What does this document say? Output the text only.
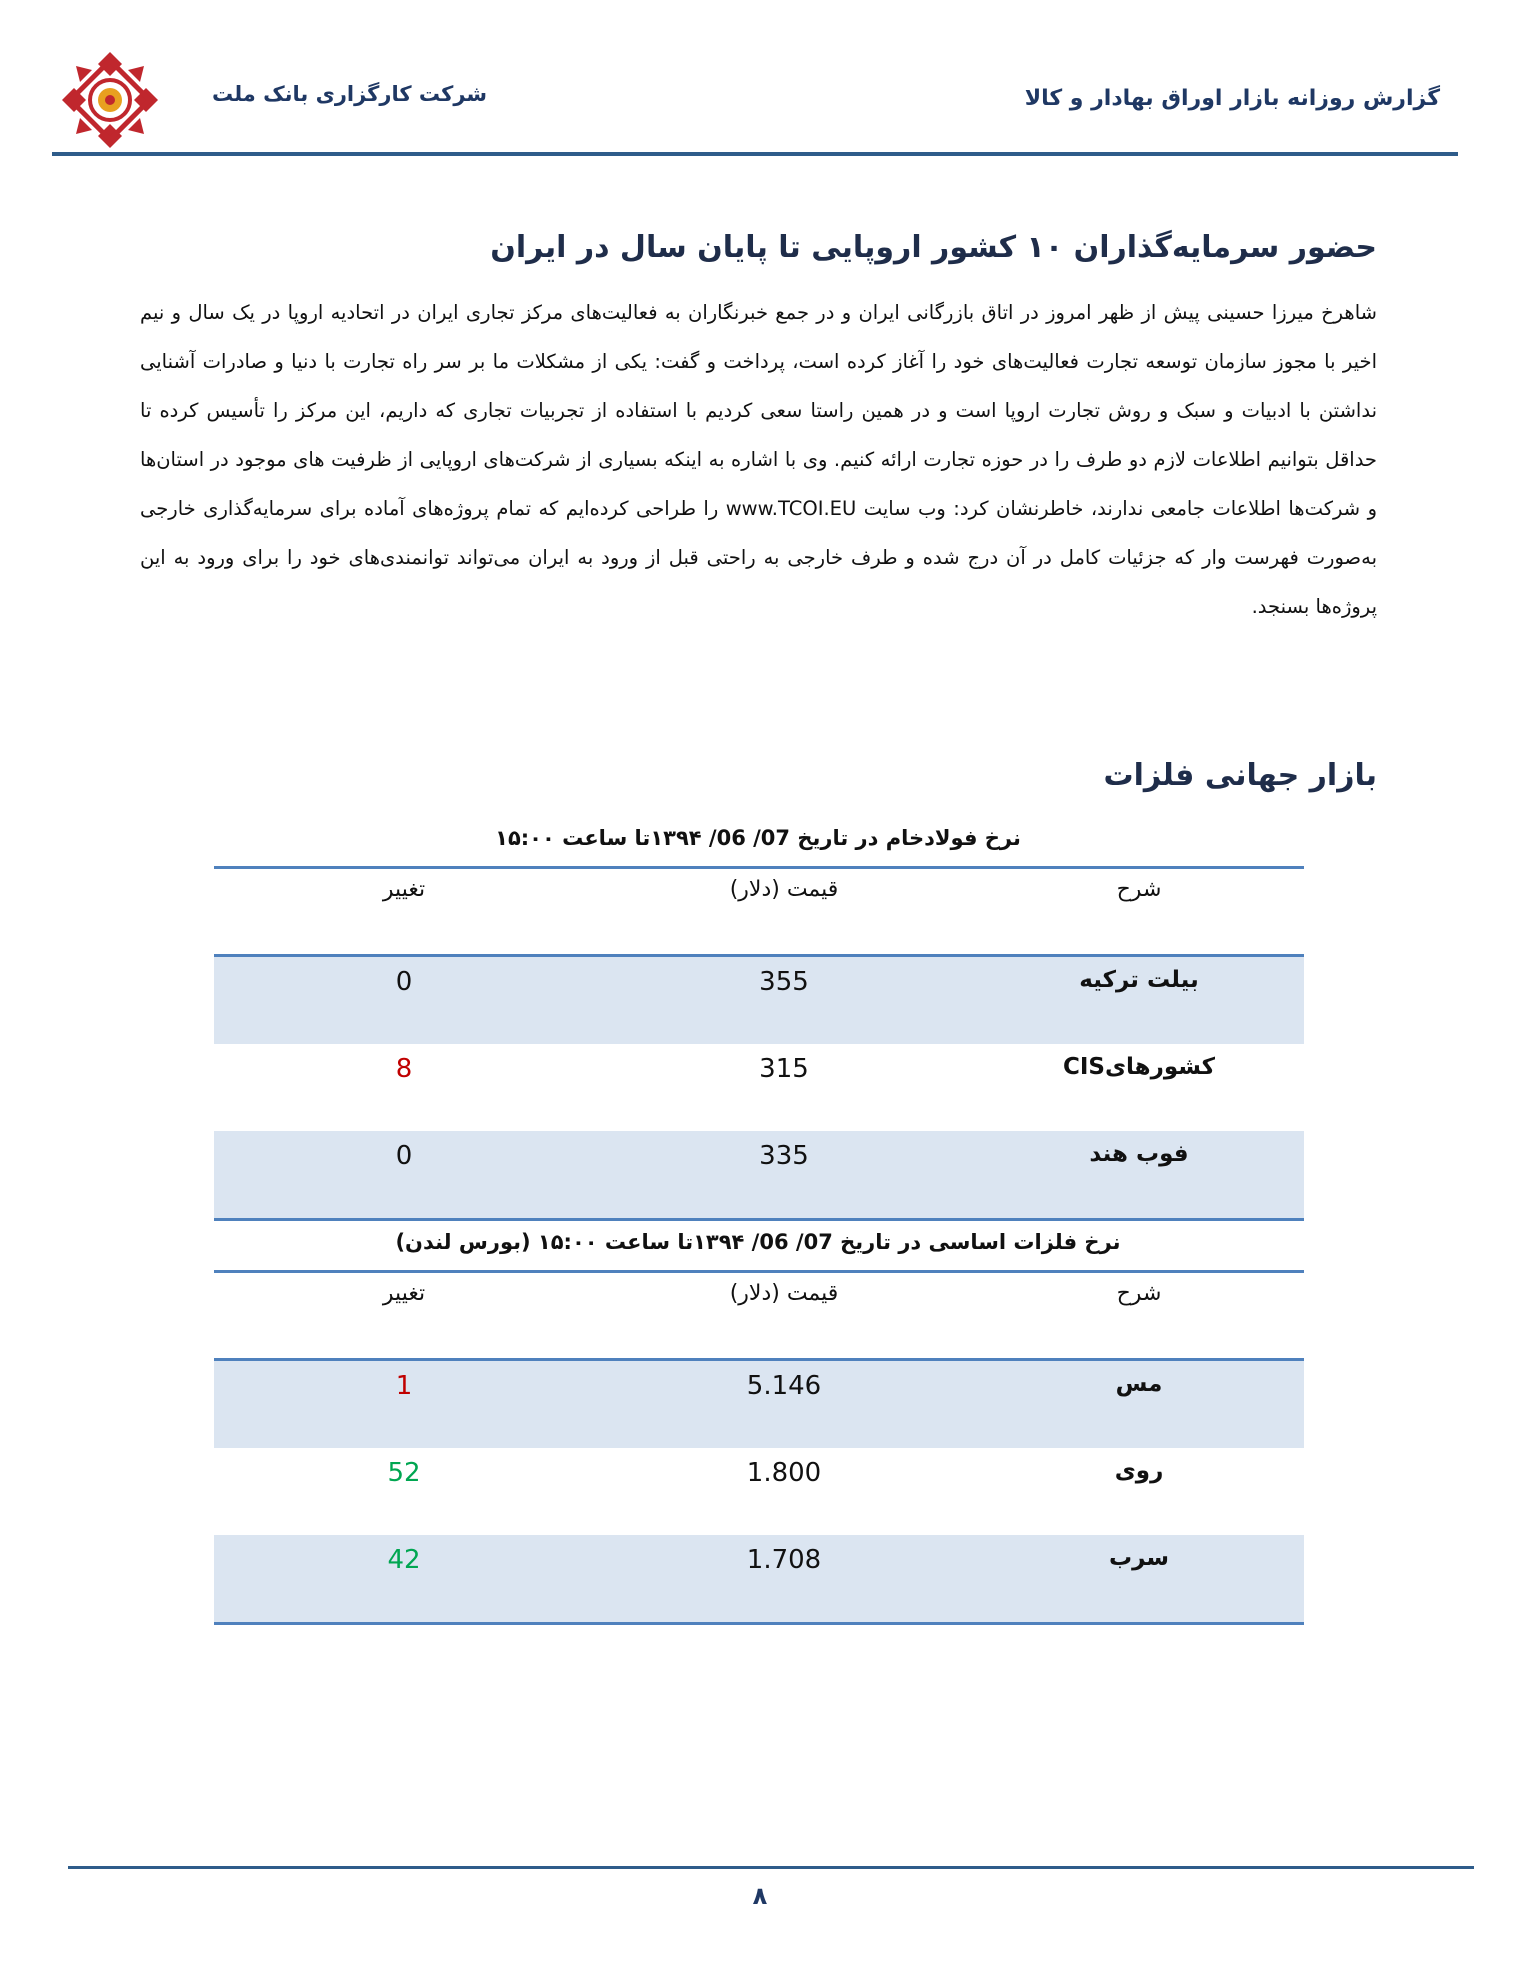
شرکت کارگزاری بانک ملت	گزارش روزانه بازار اوراق بهادار و کالا
حضور سرمایه‌گذاران ۱۰ کشور اروپایی تا پایان سال در ایران
شاهرخ میرزا حسینی پیش از ظهر امروز در اتاق بازرگانی ایران و در جمع خبرنگاران به فعالیت‌های مرکز تجاری ایران در اتحادیه اروپا در یک سال و نیم اخیر با مجوز سازمان توسعه تجارت فعالیت‌های خود را آغاز کرده است، پرداخت و گفت: یکی از مشکلات ما بر سر راه تجارت با دنیا و صادرات آشنایی نداشتن با ادبیات و سبک و روش تجارت اروپا است و در همین راستا سعی کردیم با استفاده از تجربیات تجاری که داریم، این مرکز را تأسیس کرده تا حداقل بتوانیم اطلاعات لازم دو طرف را در حوزه تجارت ارائه کنیم. وی با اشاره به اینکه بسیاری از شرکت‌های اروپایی از ظرفیت های موجود در استان‌ها و شرکت‌ها اطلاعات جامعی ندارند، خاطرنشان کرد: وب سایت www.TCOI.EU را طراحی کرده‌ایم که تمام پروژه‌های آماده برای سرمایه‌گذاری خارجی به‌صورت فهرست وار که جزئیات کامل در آن درج شده و طرف خارجی به راحتی قبل از ورود به ایران می‌تواند توانمندی‌های خود را برای ورود به این پروژه‌ها بسنجد.
بازار جهانی فلزات
نرخ فولادخام در تاریخ 07/ 06/ ۱۳۹۴تا ساعت ۱۵:۰۰
شرح	قیمت (دلار)	تغییر
بیلت ترکیه	355	0
کشورهایCIS	315	8
فوب هند	335	0
نرخ فلزات اساسی در تاریخ 07/ 06/ ۱۳۹۴تا ساعت ۱۵:۰۰ (بورس لندن)
شرح	قیمت (دلار)	تغییر
مس	5.146	1
روی	1.800	52
سرب	1.708	42
۸
